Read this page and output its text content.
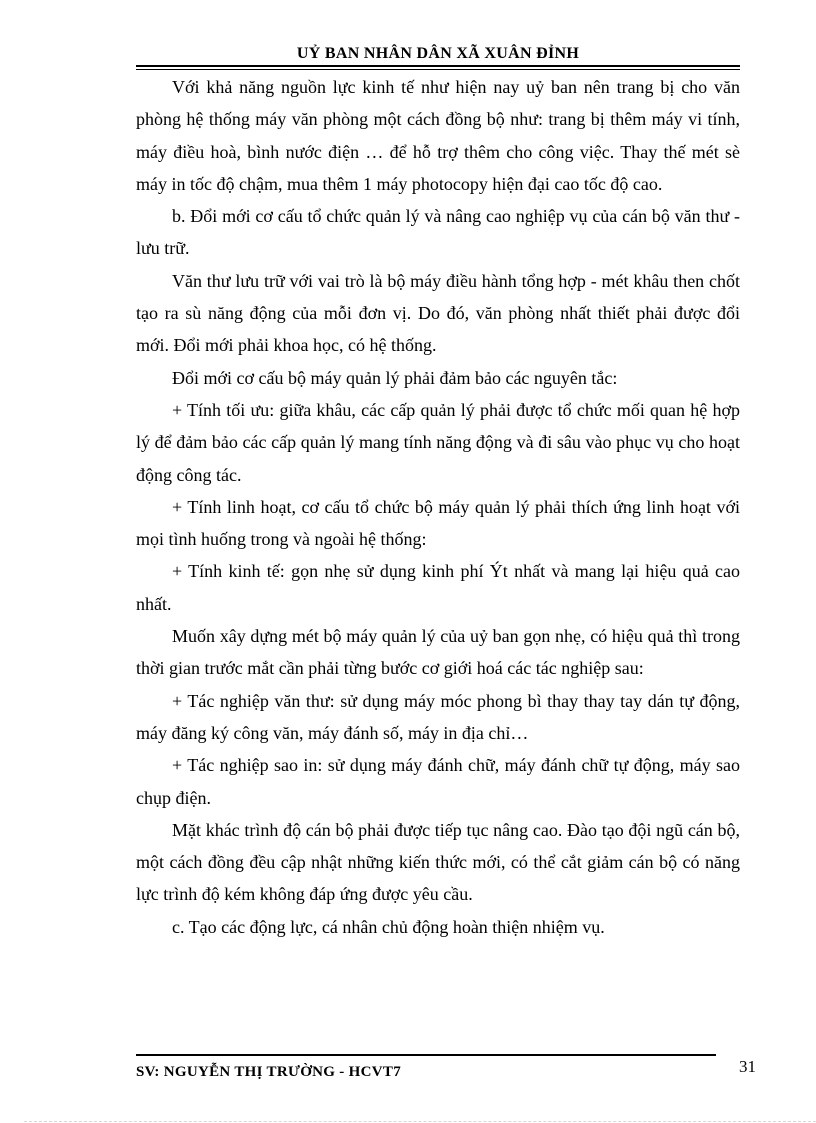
UỶ BAN NHÂN DÂN XÃ XUÂN ĐỈNH

Với khả năng nguồn lực kinh tế như hiện nay uỷ ban nên trang bị cho văn phòng hệ thống máy văn phòng một cách đồng bộ như: trang bị thêm máy vi tính, máy điều hoà, bình nước điện … để hỗ trợ thêm cho công việc. Thay thế mét sè máy in tốc độ chậm, mua thêm 1 máy photocopy hiện đại cao tốc độ cao.

b. Đổi mới cơ cấu tổ chức quản lý và nâng cao nghiệp vụ của cán bộ văn thư - lưu trữ.

Văn thư lưu trữ với vai trò là bộ máy điều hành tổng hợp - mét khâu then chốt tạo ra sù năng động của mỗi đơn vị. Do đó, văn phòng nhất thiết phải được đổi mới. Đổi mới phải khoa học, có hệ thống.

Đổi mới cơ cấu bộ máy quản lý phải đảm bảo các nguyên tắc:

+ Tính tối ưu: giữa khâu, các cấp quản lý phải được tổ chức mối quan hệ hợp lý để đảm bảo các cấp quản lý mang tính năng động và đi sâu vào phục vụ cho hoạt động công tác.

+ Tính linh hoạt, cơ cấu tổ chức bộ máy quản lý phải thích ứng linh hoạt với mọi tình huống trong và ngoài hệ thống:

+ Tính kinh tế: gọn nhẹ sử dụng kinh phí Ýt nhất và mang lại hiệu quả cao nhất.

Muốn xây dựng mét bộ máy quản lý của uỷ ban gọn nhẹ, có hiệu quả thì trong thời gian trước mắt cần phải từng bước cơ giới hoá các tác nghiệp sau:

+ Tác nghiệp văn thư: sử dụng máy móc phong bì thay thay tay dán tự động, máy đăng ký công văn, máy đánh số, máy in địa chỉ…

+ Tác nghiệp sao in: sử dụng máy đánh chữ, máy đánh chữ tự động, máy sao chụp điện.

Mặt khác trình độ cán bộ phải được tiếp tục nâng cao. Đào tạo đội ngũ cán bộ, một cách đồng đều cập nhật những kiến thức mới, có thể cắt giảm cán bộ có năng lực trình độ kém không đáp ứng được yêu cầu.

c. Tạo các động lực, cá nhân chủ động hoàn thiện nhiệm vụ.

SV: NGUYỄN THỊ TRƯỜNG - HCVT7	31
